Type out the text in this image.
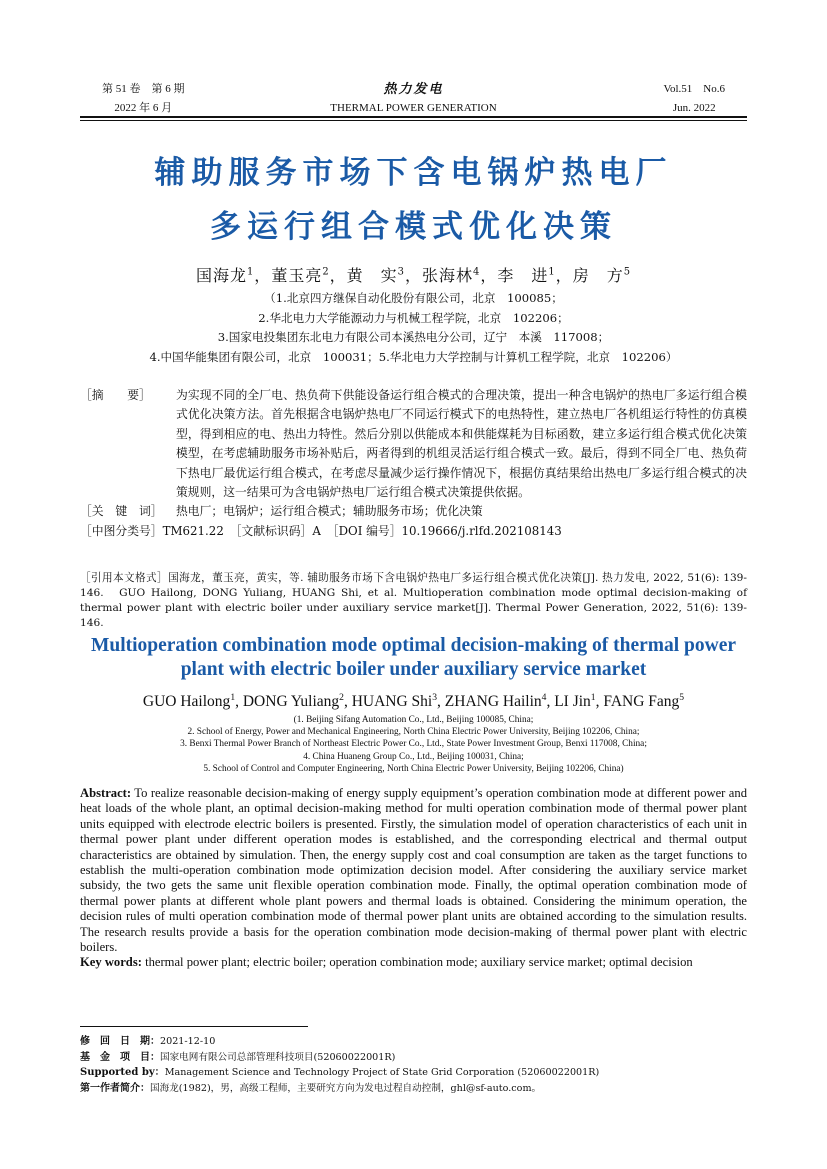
第 51 卷　第 6 期
2022 年 6 月
热力发电
THERMAL POWER GENERATION
Vol.51　No.6
Jun. 2022
辅助服务市场下含电锅炉热电厂
多运行组合模式优化决策
国海龙$^1$，董玉亮$^2$，黄　实$^3$，张海林$^4$，李　进$^1$，房　方$^5$
（1.北京四方继保自动化股份有限公司，北京　100085；
2.华北电力大学能源动力与机械工程学院，北京　102206；
3.国家电投集团东北电力有限公司本溪热电分公司，辽宁　本溪　117008；
4.中国华能集团有限公司，北京　100031；5.华北电力大学控制与计算机工程学院，北京　102206）
［摘　　要］	为实现不同的全厂电、热负荷下供能设备运行组合模式的合理决策，提出一种含电锅炉的热电厂多运行组合模式优化决策方法。首先根据含电锅炉热电厂不同运行模式下的电热特性，建立热电厂各机组运行特性的仿真模型，得到相应的电、热出力特性。然后分别以供能成本和供能煤耗为目标函数，建立多运行组合模式优化决策模型，在考虑辅助服务市场补贴后，两者得到的机组灵活运行组合模式一致。最后，得到不同全厂电、热负荷下热电厂最优运行组合模式，在考虑尽量减少运行操作情况下，根据仿真结果给出热电厂多运行组合模式的决策规则，这一结果可为含电锅炉热电厂运行组合模式决策提供依据。
［关　键　词］	热电厂；电锅炉；运行组合模式；辅助服务市场；优化决策
［中图分类号］TM621.22　 ［文献标识码］A　 ［DOI 编号］10.19666/j.rlfd.202108143
［引用本文格式］国海龙，董玉亮，黄实，等. 辅助服务市场下含电锅炉热电厂多运行组合模式优化决策[J]. 热力发电, 2022, 51(6): 139-146.　GUO Hailong, DONG Yuliang, HUANG Shi, et al. Multioperation combination mode optimal decision-making of thermal power plant with electric boiler under auxiliary service market[J]. Thermal Power Generation, 2022, 51(6): 139-146.
Multioperation combination mode optimal decision-making of thermal power
plant with electric boiler under auxiliary service market
GUO Hailong$^1$, DONG Yuliang$^2$, HUANG Shi$^3$, ZHANG Hailin$^4$, LI Jin$^1$, FANG Fang$^5$
(1. Beijing Sifang Automation Co., Ltd., Beijing 100085, China;
2. School of Energy, Power and Mechanical Engineering, North China Electric Power University, Beijing 102206, China;
3. Benxi Thermal Power Branch of Northeast Electric Power Co., Ltd., State Power Investment Group, Benxi 117008, China;
4. China Huaneng Group Co., Ltd., Beijing 100031, China;
5. School of Control and Computer Engineering, North China Electric Power University, Beijing 102206, China)
Abstract: To realize reasonable decision-making of energy supply equipment’s operation combination mode at different power and heat loads of the whole plant, an optimal decision-making method for multi operation combination mode of thermal power plant units equipped with electrode electric boilers is presented. Firstly, the simulation model of operation characteristics of each unit in thermal power plant under different operation modes is established, and the corresponding electrical and thermal output characteristics are obtained by simulation. Then, the energy supply cost and coal consumption are taken as the target functions to establish the multi-operation combination mode optimization decision model. After considering the auxiliary service market subsidy, the two gets the same unit flexible operation combination mode. Finally, the optimal operation combination mode of thermal power plants at different whole plant powers and thermal loads is obtained. Considering the minimum operation, the decision rules of multi operation combination mode of thermal power plant units are obtained according to the simulation results. The research results provide a basis for the operation combination mode decision-making of thermal power plant with electric boilers.
Key words: thermal power plant; electric boiler; operation combination mode; auxiliary service market; optimal decision
修　回　日　期：2021-12-10
基　金　项　目：国家电网有限公司总部管理科技项目(52060022001R)
Supported by：Management Science and Technology Project of State Grid Corporation (52060022001R)
第一作者简介：国海龙(1982)，男，高级工程师，主要研究方向为发电过程自动控制，ghl@sf-auto.com。
